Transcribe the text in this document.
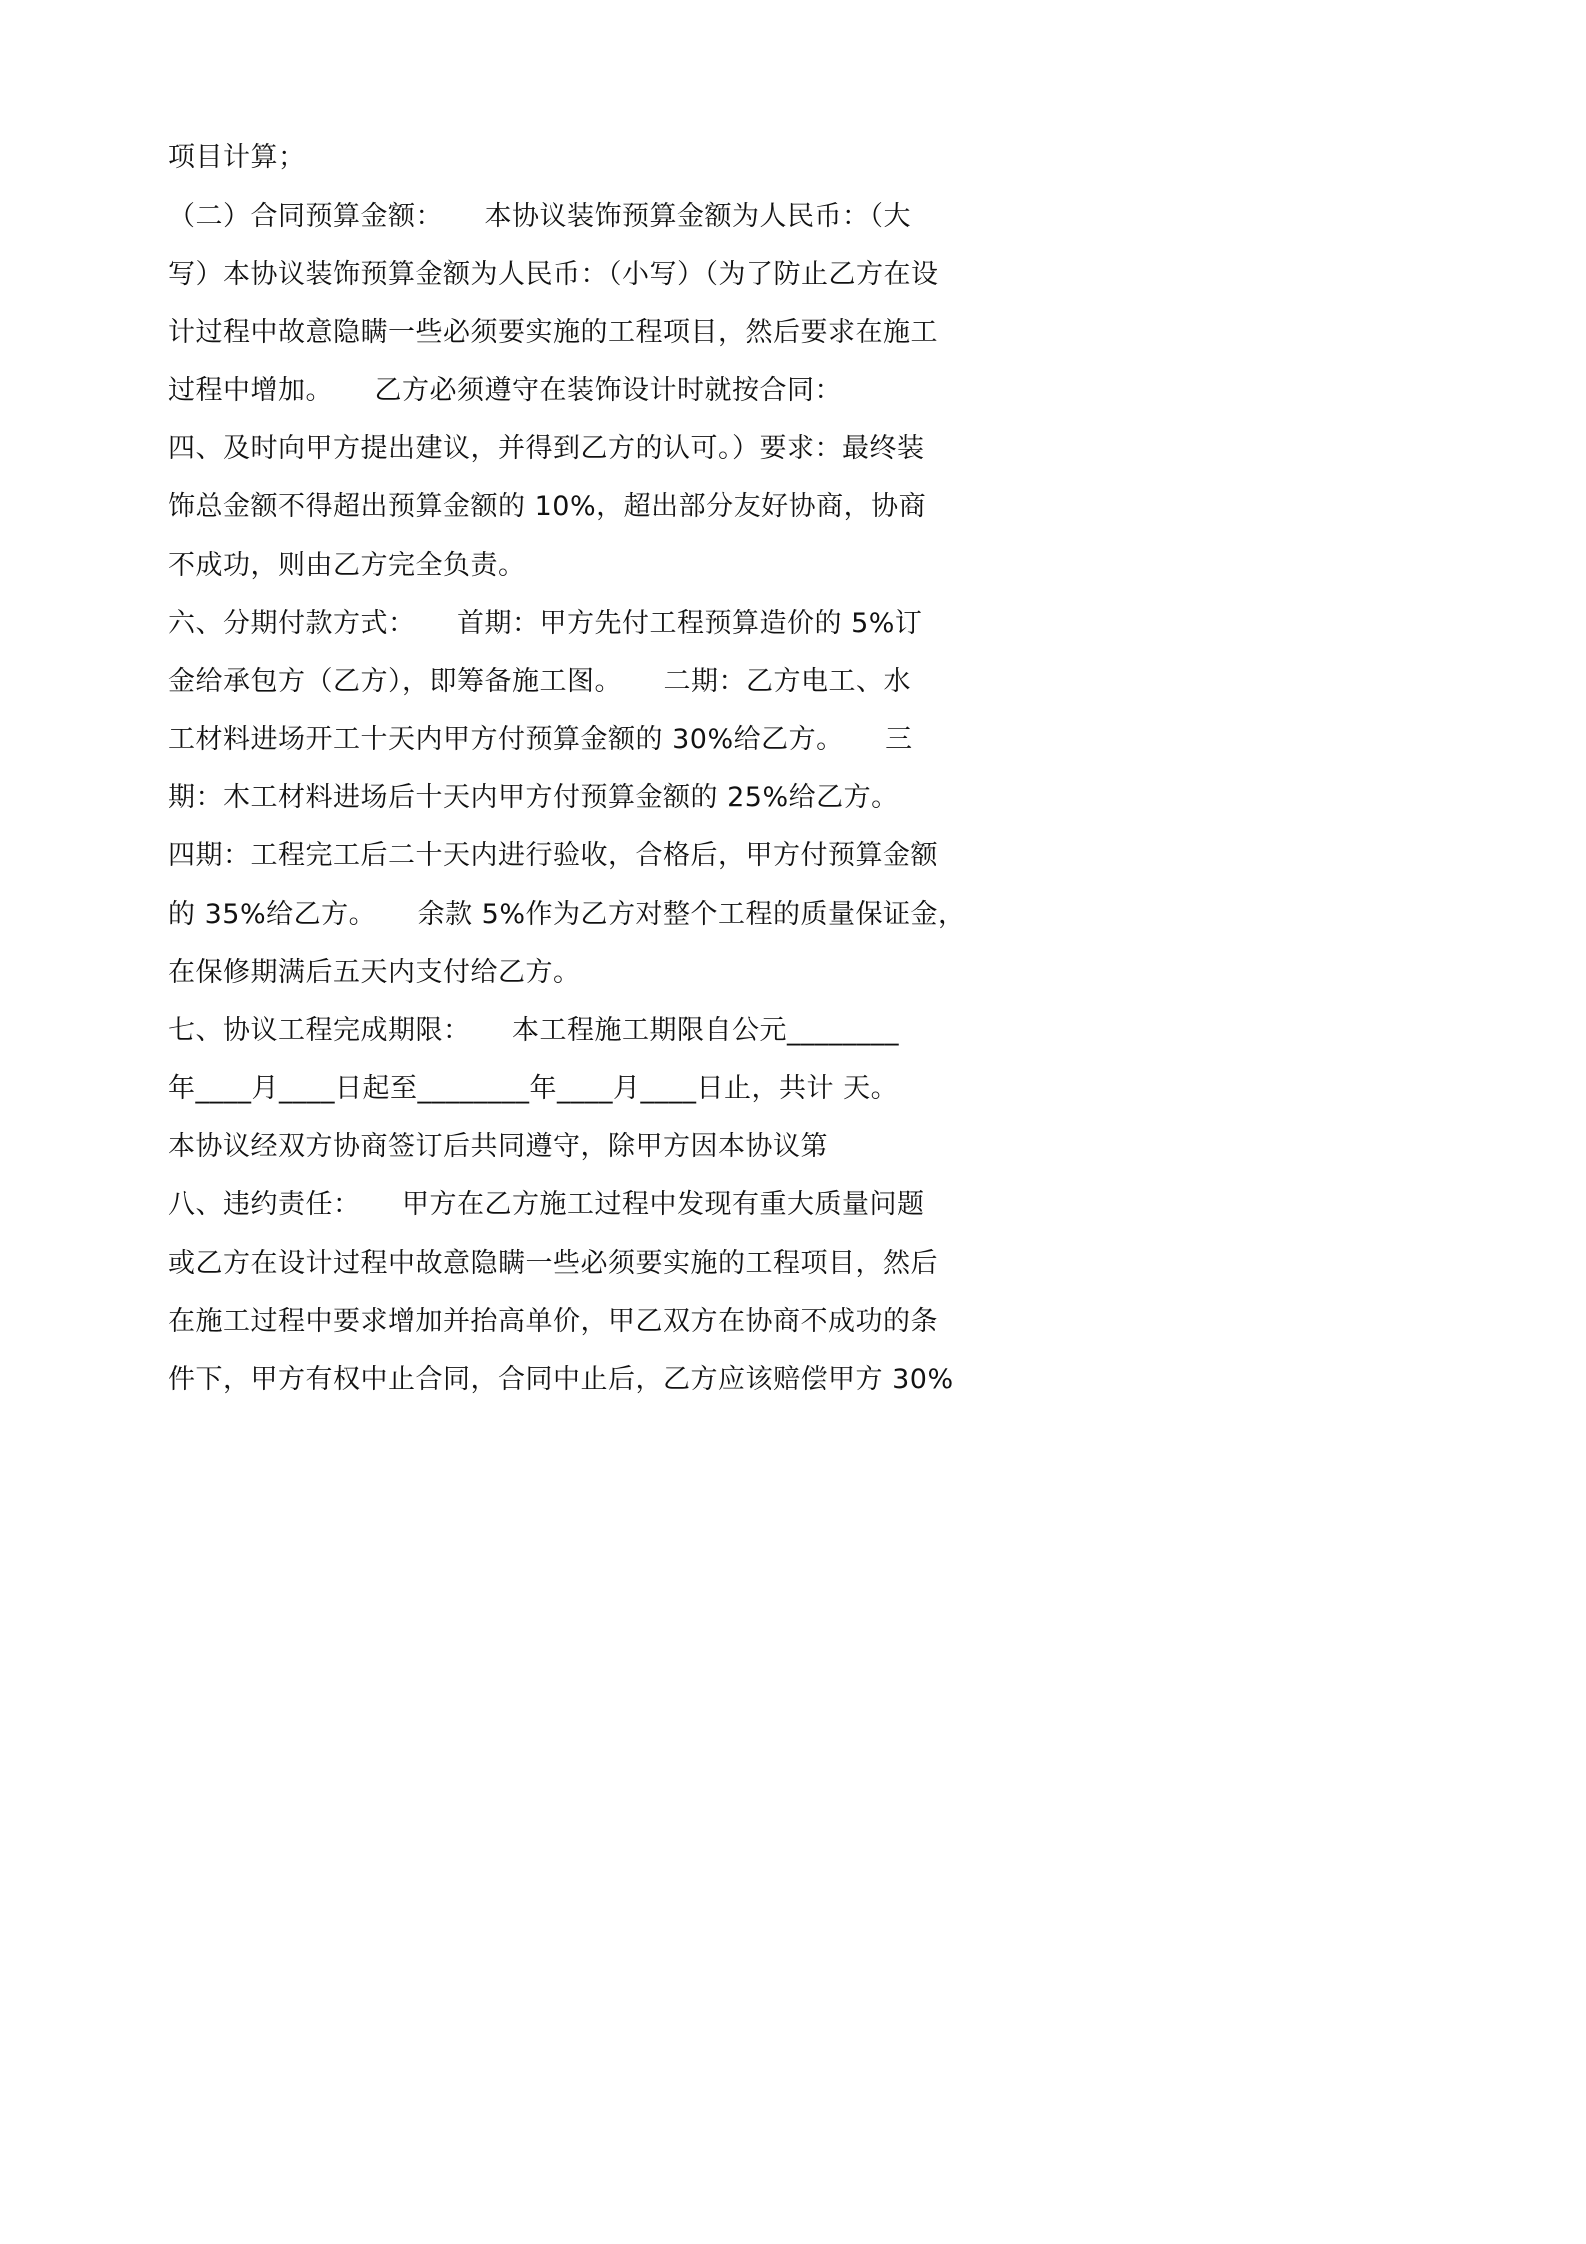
项目计算；
（二）合同预算金额：　　本协议装饰预算金额为人民币：（大
写）本协议装饰预算金额为人民币：（小写）（为了防止乙方在设
计过程中故意隐瞒一些必须要实施的工程项目，然后要求在施工
过程中增加。　　乙方必须遵守在装饰设计时就按合同：
四、及时向甲方提出建议，并得到乙方的认可。）要求：最终装
饰总金额不得超出预算金额的 10%，超出部分友好协商，协商
不成功，则由乙方完全负责。
六、分期付款方式：　　首期：甲方先付工程预算造价的 5%订
金给承包方（乙方），即筹备施工图。　　二期：乙方电工、水
工材料进场开工十天内甲方付预算金额的 30%给乙方。　　三
期：木工材料进场后十天内甲方付预算金额的 25%给乙方。
四期：工程完工后二十天内进行验收，合格后，甲方付预算金额
的 35%给乙方。　　余款 5%作为乙方对整个工程的质量保证金，
在保修期满后五天内支付给乙方。
七、协议工程完成期限：　　本工程施工期限自公元________
年____月____日起至________年____月____日止，共计 天。
本协议经双方协商签订后共同遵守，除甲方因本协议第
八、违约责任：　　甲方在乙方施工过程中发现有重大质量问题
或乙方在设计过程中故意隐瞒一些必须要实施的工程项目，然后
在施工过程中要求增加并抬高单价，甲乙双方在协商不成功的条
件下，甲方有权中止合同，合同中止后，乙方应该赔偿甲方 30%
